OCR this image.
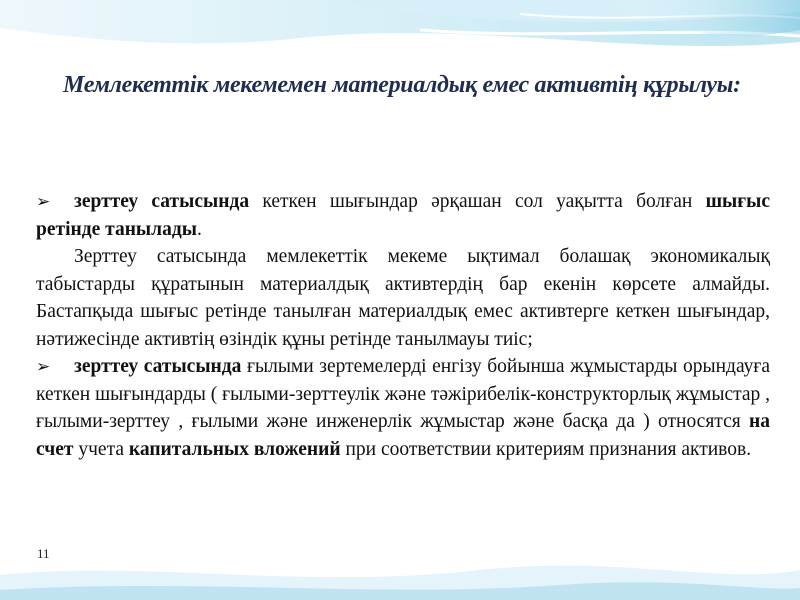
Мемлекеттік мекемемен материалдық емес активтің құрылуы:

➢ зерттеу сатысында кеткен шығындар әрқашан сол уақытта болған шығыс ретінде танылады.

Зерттеу сатысында мемлекеттік мекеме ықтимал болашақ экономикалық табыстарды құратынын материалдық активтердің бар екенін көрсете алмайды. Бастапқыда шығыс ретінде танылған материалдық емес активтерге кеткен шығындар, нәтижесінде активтің өзіндік құны ретінде танылмауы тиіс;

➢ зерттеу сатысында ғылыми зертемелерді енгізу бойынша жұмыстарды орындауға кеткен шығындарды ( ғылыми-зерттеулік және тәжірибелік-конструкторлық жұмыстар , ғылыми-зерттеу , ғылыми және инженерлік жұмыстар және басқа да ) относятся на счет учета капитальных вложений при соответствии критериям признания активов.

11
